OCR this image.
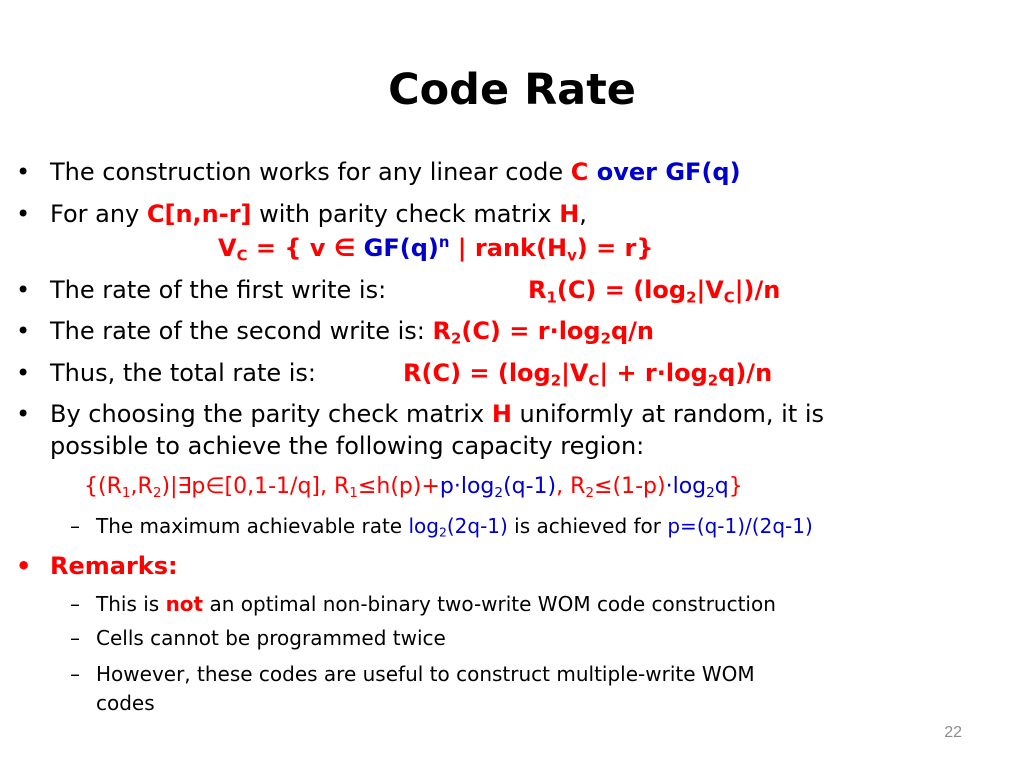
Code Rate
• The construction works for any linear code C over GF(q)
• For any C[n,n-r] with parity check matrix H,
$V_C$ = { v ∈ $GF(q)^n$ | $rank(H_v) = r$}
• The rate of the first write is:	$R_1(C) = (\log_2|V_C|)/n$
• The rate of the second write is: $R_2(C) = r\cdot\log_2q/n$
• Thus, the total rate is:	$R(C) = (\log_2|V_C| + r\cdot\log_2q)/n$
• By choosing the parity check matrix H uniformly at random, it is
possible to achieve the following capacity region:
{$(R_1,R_2)|\exists p\in[0,1-1/q]$, $R_1\le h(p)+p\cdot\log_2(q-1)$, $R_2\le(1-p)\cdot\log_2q$}
– The maximum achievable rate $\log_2(2q-1)$ is achieved for p=(q-1)/(2q-1)
• Remarks:
– This is not an optimal non-binary two-write WOM code construction
– Cells cannot be programmed twice
– However, these codes are useful to construct multiple-write WOM
codes
22
